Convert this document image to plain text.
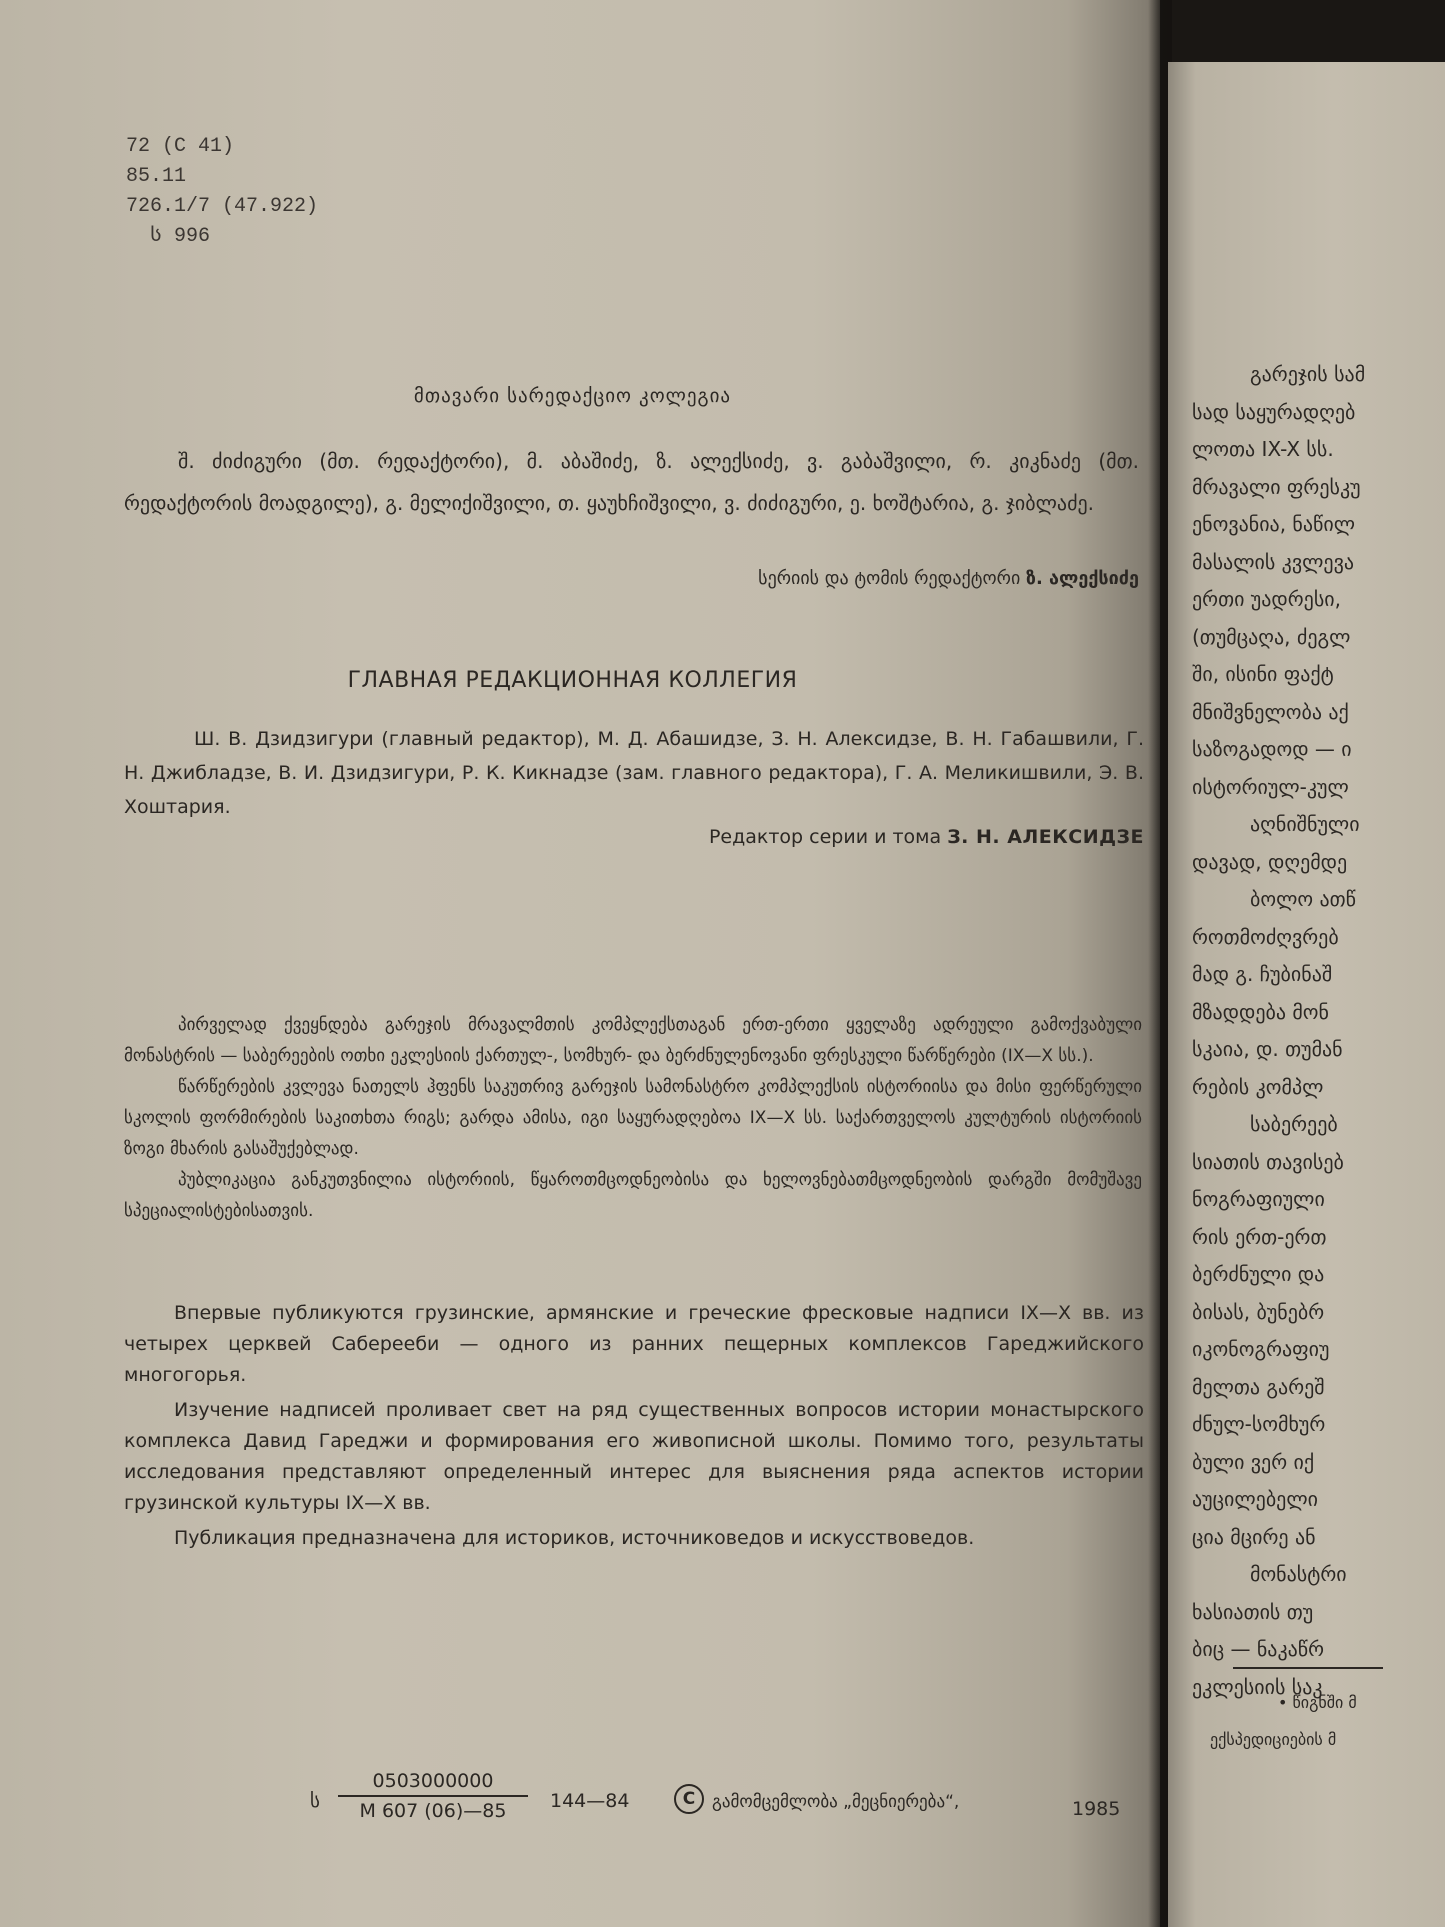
72 (C 41)
85.11
726.1/7 (47.922)
ს 996
მთავარი სარედაქციო კოლეგია
შ. ძიძიგური (მთ. რედაქტორი), მ. აბაშიძე, ზ. ალექსიძე, ვ. გაბაშვილი, რ. კიკნაძე (მთ. რედაქტორის მოადგილე), გ. მელიქიშვილი, თ. ყაუხჩიშვილი, ვ. ძიძიგური, ე. ხოშტარია, გ. ჯიბლაძე.
სერიის და ტომის რედაქტორი ზ. ალექსიძე
ГЛАВНАЯ РЕДАКЦИОННАЯ КОЛЛЕГИЯ
Ш. В. Дзидзигури (главный редактор), М. Д. Абашидзе, З. Н. Алексидзе, В. Н. Габашвили, Г. Н. Джибладзе, В. И. Дзидзигури, Р. К. Кикнадзе (зам. главного редактора), Г. А. Меликишвили, Э. В. Хоштария.
Редактор серии и тома З. Н. АЛЕКСИДЗЕ

პირველად ქვეყნდება გარეჯის მრავალმთის კომპლექსთაგან ერთ-ერთი ყველაზე ადრეული გამოქვაბული მონასტრის — საბერეების ოთხი ეკლესიის ქართულ-, სომხურ- და ბერძნულენოვანი ფრესკული წარწერები (IX—X სს.).

წარწერების კვლევა ნათელს ჰფენს საკუთრივ გარეჯის სამონასტრო კომპლექსის ისტორიისა და მისი ფერწერული სკოლის ფორმირების საკითხთა რიგს; გარდა ამისა, იგი საყურადღებოა IX—X სს. საქართველოს კულტურის ისტორიის ზოგი მხარის გასაშუქებლად.

პუბლიკაცია განკუთვნილია ისტორიის, წყაროთმცოდნეობისა და ხელოვნებათმცოდნეობის დარგში მომუშავე სპეციალისტებისათვის.

Впервые публикуются грузинские, армянские и греческие фресковые надписи IX—X вв. из четырех церквей Саберееби — одного из ранних пещерных комплексов Гареджийского многогорья.

Изучение надписей проливает свет на ряд существенных вопросов истории монастырского комплекса Давид Гареджи и формирования его живописной школы. Помимо того, результаты исследования представляют определенный интерес для выяснения ряда аспектов истории грузинской культуры IX—X вв.

Публикация предназначена для историков, источниковедов и искусствоведов.

ს
0503000000
М 607 (06)—85	144—84	C გამომცემლობა „მეცნიერება“,	1985
გარეჯის სამ
სად საყურადღებ
ლოთა IX-X სს.
მრავალი ფრესკუ
ენოვანია, ნაწილ
მასალის კვლევა
ერთი უადრესი,
(თუმცაღა, ძეგლ
ში, ისინი ფაქტ
მნიშვნელობა აქ
საზოგადოდ — ი
ისტორიულ-კულ
აღნიშნული
დავად, დღემდე
ბოლო ათწ
როთმოძღვრებ
მად გ. ჩუბინაშ
მზადდება მონ
სკაია, დ. თუმან
რების კომპლ
საბერეებ
სიათის თავისებ
ნოგრაფიული
რის ერთ-ერთ
ბერძნული და
ბისას, ბუნებრ
იკონოგრაფიუ
მელთა გარეშ
ძნულ-სომხურ
ბული ვერ იქ
აუცილებელი
ცია მცირე ან
მონასტრი
ხასიათის თუ
ბიც — ნაკაწრ
ეკლესიის საკ
• წიგნში მ
ექსპედიციების მ
